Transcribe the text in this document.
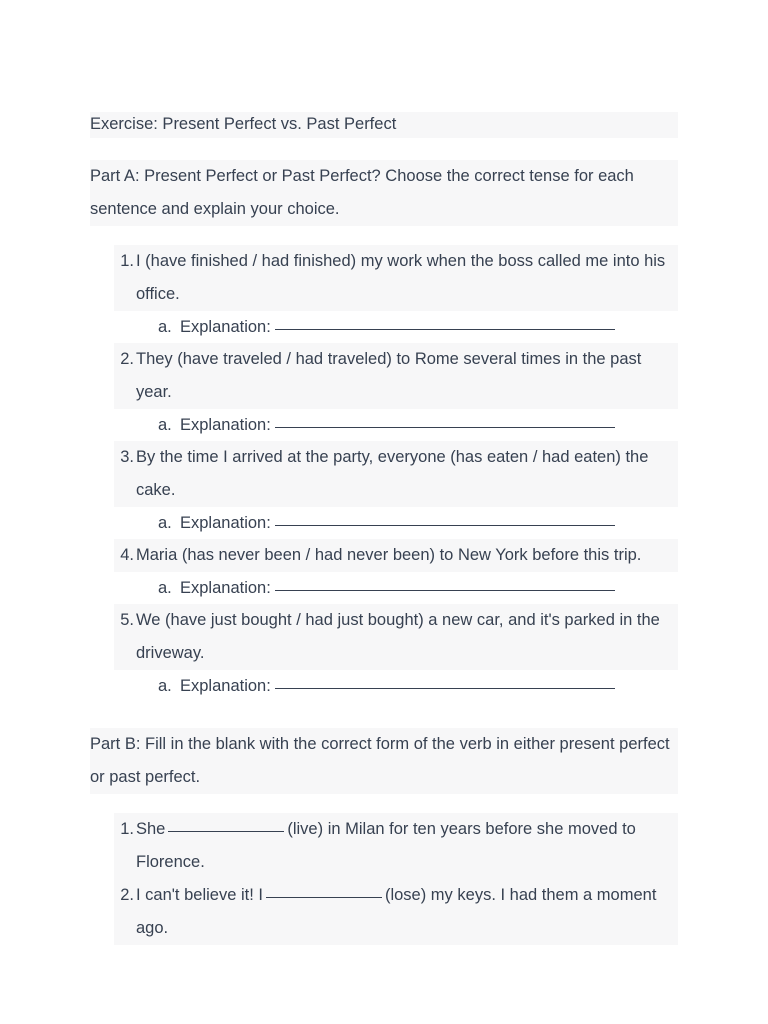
Exercise: Present Perfect vs. Past Perfect
Part A: Present Perfect or Past Perfect? Choose the correct tense for each sentence and explain your choice.
1. I (have finished / had finished) my work when the boss called me into his office.
a. Explanation:
2. They (have traveled / had traveled) to Rome several times in the past year.
a. Explanation:
3. By the time I arrived at the party, everyone (has eaten / had eaten) the cake.
a. Explanation:
4. Maria (has never been / had never been) to New York before this trip.
a. Explanation:
5. We (have just bought / had just bought) a new car, and it's parked in the driveway.
a. Explanation:
Part B: Fill in the blank with the correct form of the verb in either present perfect or past perfect.
1. She	(live) in Milan for ten years before she moved to Florence.
2. I can't believe it! I	(lose) my keys. I had them a moment ago.
